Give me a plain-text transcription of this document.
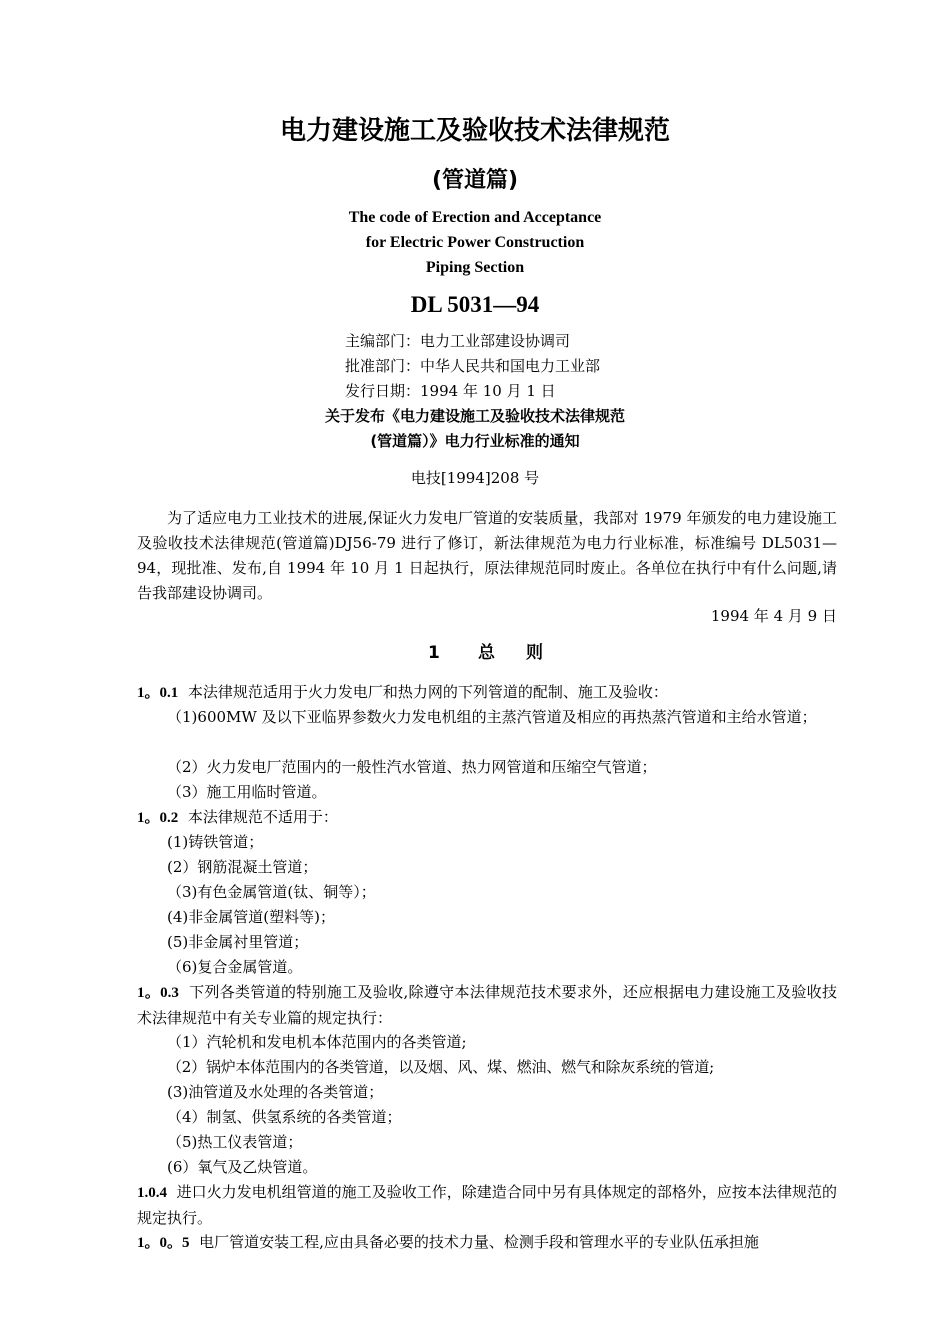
电力建设施工及验收技术法律规范
(管道篇)
The code of Erection and Acceptance
for Electric Power Construction
Piping Section
DL 5031—94
主编部门：电力工业部建设协调司
批准部门：中华人民共和国电力工业部
发行日期：1994 年 10 月 1 日
关于发布《电力建设施工及验收技术法律规范
(管道篇）》电力行业标准的通知
电技[1994]208 号
为了适应电力工业技术的进展,保证火力发电厂管道的安装质量，我部对 1979 年颁发的电力建设施工及验收技术法律规范(管道篇)DJ56-79 进行了修订，新法律规范为电力行业标准，标准编号 DL5031—94，现批准、发布,自 1994 年 10 月 1 日起执行，原法律规范同时废止。各单位在执行中有什么问题,请告我部建设协调司。
1994 年 4 月 9 日
1 总 则
1。0.1 本法律规范适用于火力发电厂和热力网的下列管道的配制、施工及验收：
（1)600MW 及以下亚临界参数火力发电机组的主蒸汽管道及相应的再热蒸汽管道和主给水管道；
（2）火力发电厂范围内的一般性汽水管道、热力网管道和压缩空气管道；
（3）施工用临时管道。
1。0.2 本法律规范不适用于：
(1)铸铁管道；
(2）钢筋混凝土管道；
（3)有色金属管道(钛、铜等）；
(4)非金属管道(塑料等)；
(5)非金属衬里管道；
（6)复合金属管道。
1。0.3 下列各类管道的特别施工及验收,除遵守本法律规范技术要求外，还应根据电力建设施工及验收技术法律规范中有关专业篇的规定执行：
（1）汽轮机和发电机本体范围内的各类管道;
（2）锅炉本体范围内的各类管道，以及烟、风、煤、燃油、燃气和除灰系统的管道;
(3)油管道及水处理的各类管道；
（4）制氢、供氢系统的各类管道；
（5)热工仪表管道；
(6）氧气及乙炔管道。
1.0.4 进口火力发电机组管道的施工及验收工作，除建造合同中另有具体规定的部格外，应按本法律规范的规定执行。
1。0。5 电厂管道安装工程,应由具备必要的技术力量、检测手段和管理水平的专业队伍承担施
